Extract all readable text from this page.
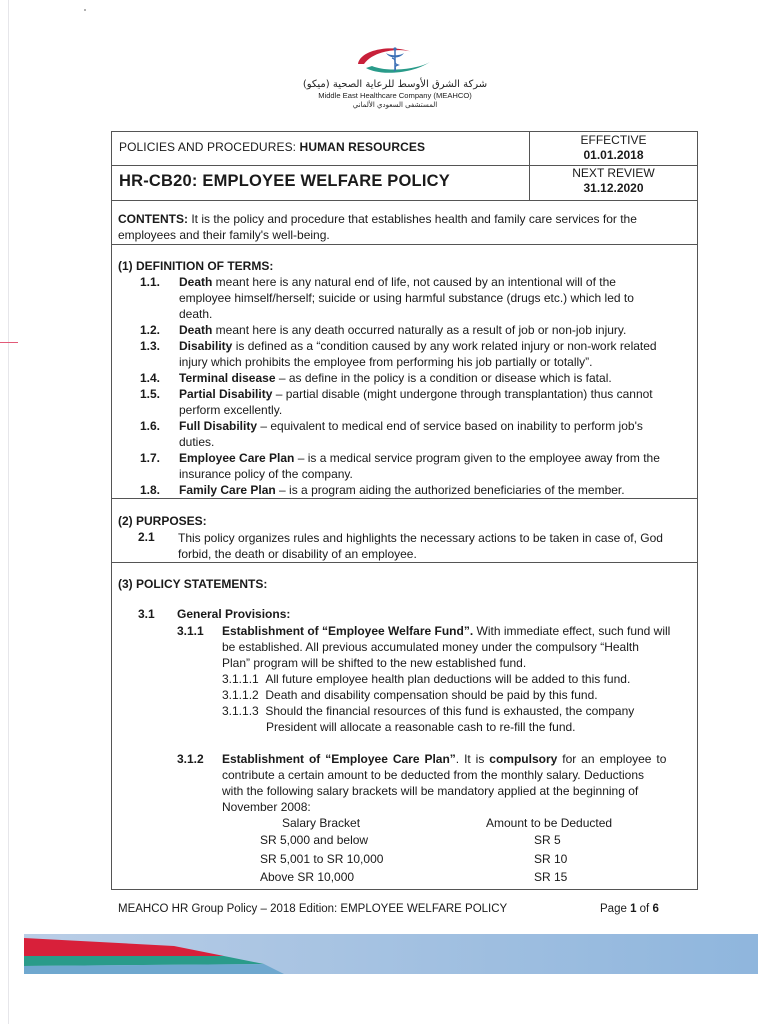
شركة الشرق الأوسط للرعاية الصحية (ميكو)
Middle East Healthcare Company (MEAHCO)
المستشفى السعودي الألماني
POLICIES AND PROCEDURES: HUMAN RESOURCES
HR-CB20: EMPLOYEE WELFARE POLICY
EFFECTIVE
01.01.2018
NEXT REVIEW
31.12.2020
CONTENTS: It is the policy and procedure that establishes health and family care services for the
employees and their family's well-being.
(1) DEFINITION OF TERMS:
1.1. Death meant here is any natural end of life, not caused by an intentional will of the
employee himself/herself; suicide or using harmful substance (drugs etc.) which led to
death.
1.2. Death meant here is any death occurred naturally as a result of job or non-job injury.
1.3. Disability is defined as a “condition caused by any work related injury or non-work related
injury which prohibits the employee from performing his job partially or totally”.
1.4. Terminal disease – as define in the policy is a condition or disease which is fatal.
1.5. Partial Disability – partial disable (might undergone through transplantation) thus cannot
perform excellently.
1.6. Full Disability – equivalent to medical end of service based on inability to perform job's
duties.
1.7. Employee Care Plan – is a medical service program given to the employee away from the
insurance policy of the company.
1.8. Family Care Plan – is a program aiding the authorized beneficiaries of the member.
(2) PURPOSES:
2.1 This policy organizes rules and highlights the necessary actions to be taken in case of, God
forbid, the death or disability of an employee.
(3) POLICY STATEMENTS:
3.1 General Provisions:
3.1.1 Establishment of “Employee Welfare Fund”. With immediate effect, such fund will
be established. All previous accumulated money under the compulsory “Health
Plan” program will be shifted to the new established fund.
3.1.1.1 All future employee health plan deductions will be added to this fund.
3.1.1.2 Death and disability compensation should be paid by this fund.
3.1.1.3 Should the financial resources of this fund is exhausted, the company
President will allocate a reasonable cash to re-fill the fund.
3.1.2 Establishment of “Employee Care Plan”. It is compulsory for an employee to
contribute a certain amount to be deducted from the monthly salary. Deductions
with the following salary brackets will be mandatory applied at the beginning of
November 2008:
Salary Bracket	Amount to be Deducted
SR 5,000 and below	SR 5
SR 5,001 to SR 10,000	SR 10
Above SR 10,000	SR 15
MEAHCO HR Group Policy – 2018 Edition: EMPLOYEE WELFARE POLICY	Page 1 of 6
